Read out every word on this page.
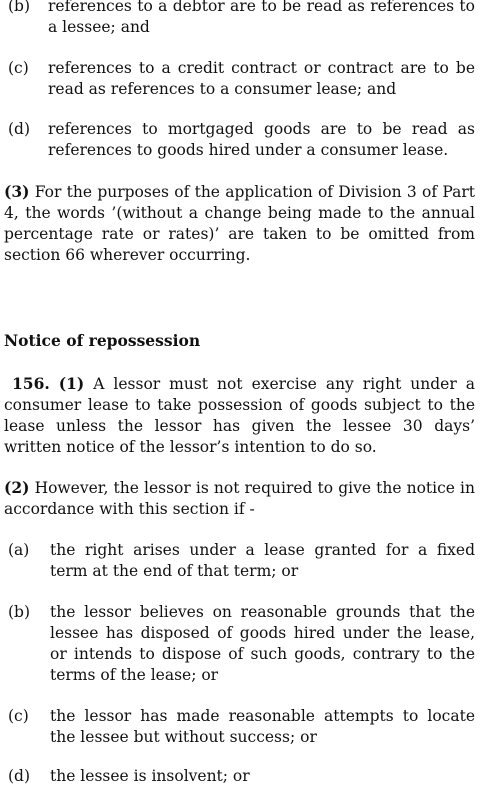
(b) references to a debtor are to be read as references to a lessee; and
(c) references to a credit contract or contract are to be read as references to a consumer lease; and
(d) references to mortgaged goods are to be read as references to goods hired under a consumer lease.
(3) For the purposes of the application of Division 3 of Part 4, the words ’(without a change being made to the annual percentage rate or rates)’ are taken to be omitted from section 66 wherever occurring.
Notice of repossession
156. (1) A lessor must not exercise any right under a consumer lease to take possession of goods subject to the lease unless the lessor has given the lessee 30 days’ written notice of the lessor’s intention to do so.
(2) However, the lessor is not required to give the notice in accordance with this section if -
(a) the right arises under a lease granted for a fixed term at the end of that term; or
(b) the lessor believes on reasonable grounds that the lessee has disposed of goods hired under the lease, or intends to dispose of such goods, contrary to the terms of the lease; or
(c) the lessor has made reasonable attempts to locate the lessee but without success; or
(d) the lessee is insolvent; or
